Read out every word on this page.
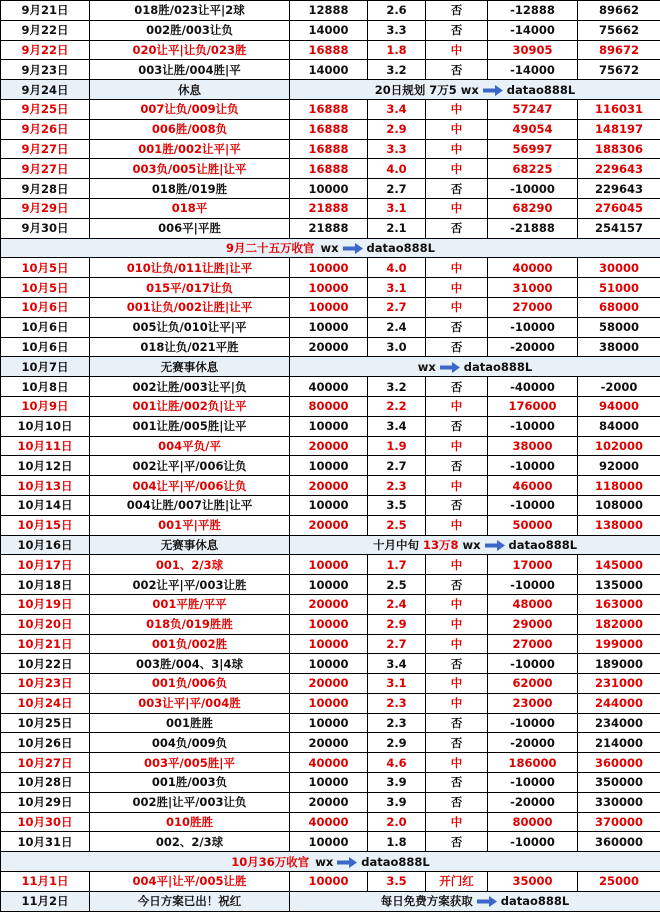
9月21日	018胜/023让平|2球	12888	2.6	否	-12888	89662
9月22日	002胜/003让负	14000	3.3	否	-14000	75662
9月22日	020让平|让负/023胜	16888	1.8	中	30905	89672
9月23日	003让胜/004胜|平	14000	3.2	否	-14000	75672
9月24日	休息	20日规划 7万5 wx datao888L				
9月25日	007让负/009让负	16888	3.4	中	57247	116031
9月26日	006胜/008负	16888	2.9	中	49054	148197
9月27日	001胜/002让平|平	16888	3.3	中	56997	188306
9月27日	003负/005让胜|让平	16888	4.0	中	68225	229643
9月28日	018胜/019胜	10000	2.7	否	-10000	229643
9月29日	018平	21888	3.1	中	68290	276045
9月30日	006平|平胜	21888	2.1	否	-21888	254157
9月二十五万收官 wx datao888L						
10月5日	010让负/011让胜|让平	10000	4.0	中	40000	30000
10月5日	015平/017让负	10000	3.1	中	31000	51000
10月6日	001让负/002让胜|让平	10000	2.7	中	27000	68000
10月6日	005让负/010让平|平	10000	2.4	否	-10000	58000
10月6日	018让负/021平胜	20000	3.0	否	-20000	38000
10月7日	无赛事休息	wx datao888L				
10月8日	002让胜/003让平|负	40000	3.2	否	-40000	-2000
10月9日	001让胜/002负|让平	80000	2.2	中	176000	94000
10月10日	001让胜/005胜|让平	10000	3.4	否	-10000	84000
10月11日	004平负/平	20000	1.9	中	38000	102000
10月12日	002让平|平/006让负	10000	2.7	否	-10000	92000
10月13日	004让平|平/006让负	20000	2.3	中	46000	118000
10月14日	004让胜/007让胜|让平	10000	3.5	否	-10000	108000
10月15日	001平|平胜	20000	2.5	中	50000	138000
10月16日	无赛事休息	十月中旬 13万8 wx datao888L				
10月17日	001、2/3球	10000	1.7	中	17000	145000
10月18日	002让平|平/003让胜	10000	2.5	否	-10000	135000
10月19日	001平胜/平平	20000	2.4	中	48000	163000
10月20日	018负/019胜胜	10000	2.9	中	29000	182000
10月21日	001负/002胜	10000	2.7	中	27000	199000
10月22日	003胜/004、3|4球	10000	3.4	否	-10000	189000
10月23日	001负/006负	20000	3.1	中	62000	231000
10月24日	003让平|平/004胜	10000	2.3	中	23000	244000
10月25日	001胜胜	10000	2.3	否	-10000	234000
10月26日	004负/009负	20000	2.9	否	-20000	214000
10月27日	003平/005胜|平	40000	4.6	中	186000	360000
10月28日	001胜/003负	10000	3.9	否	-10000	350000
10月29日	002胜|让平/003让负	20000	3.9	否	-20000	330000
10月30日	010胜胜	40000	2.0	中	80000	370000
10月31日	002、2/3球	10000	1.8	否	-10000	360000
10月36万收官 wx datao888L						
11月1日	004平|让平/005让胜	10000	3.5	开门红	35000	25000
11月2日	今日方案已出！祝红	每日免费方案获取 datao888L				
